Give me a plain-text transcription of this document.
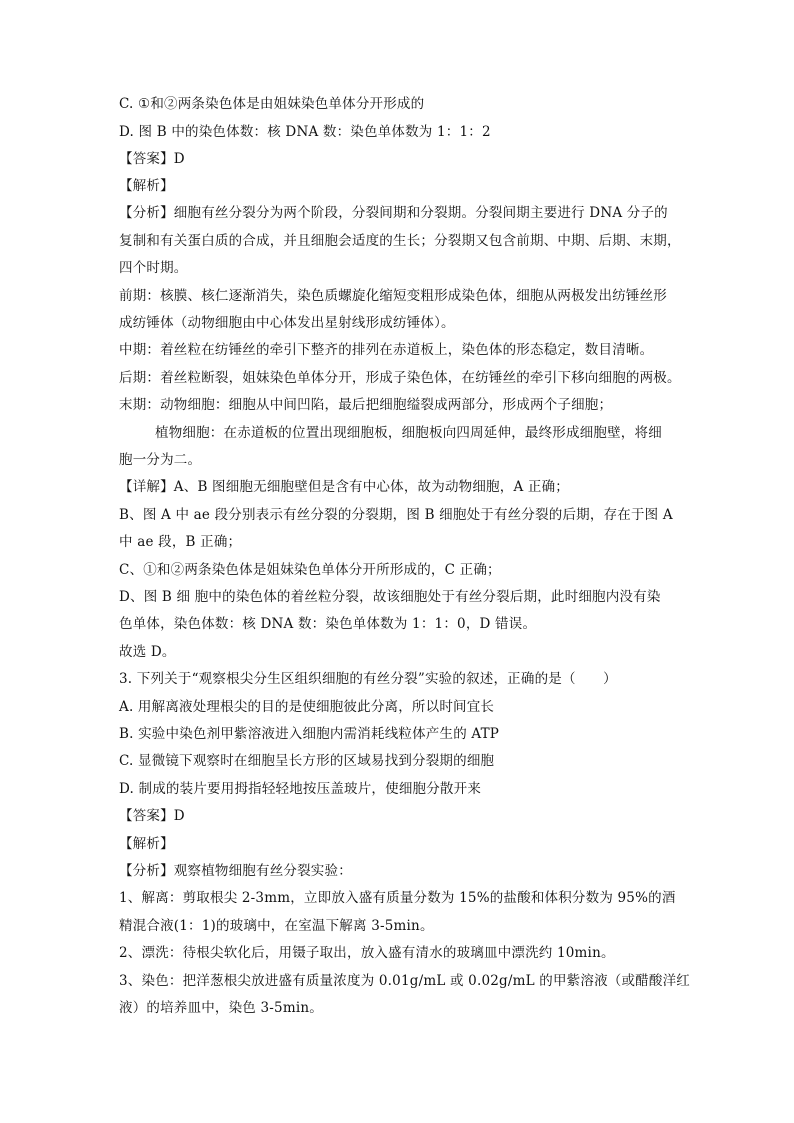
C. ①和②两条染色体是由姐妹染色单体分开形成的
D. 图 B 中的染色体数：核 DNA 数：染色单体数为 1：1：2
【答案】D
【解析】
【分析】细胞有丝分裂分为两个阶段，分裂间期和分裂期。分裂间期主要进行 DNA 分子的
复制和有关蛋白质的合成，并且细胞会适度的生长；分裂期又包含前期、中期、后期、末期，
四个时期。
前期：核膜、核仁逐渐消失，染色质螺旋化缩短变粗形成染色体，细胞从两极发出纺锤丝形
成纺锤体（动物细胞由中心体发出星射线形成纺锤体）。
中期：着丝粒在纺锤丝的牵引下整齐的排列在赤道板上，染色体的形态稳定，数目清晰。
后期：着丝粒断裂，姐妹染色单体分开，形成子染色体，在纺锤丝的牵引下移向细胞的两极。
末期：动物细胞：细胞从中间凹陷，最后把细胞缢裂成两部分，形成两个子细胞；
植物细胞：在赤道板的位置出现细胞板，细胞板向四周延伸，最终形成细胞壁，将细
胞一分为二。
【详解】A、B 图细胞无细胞壁但是含有中心体，故为动物细胞，A 正确；
B、图 A 中 ae 段分别表示有丝分裂的分裂期，图 B 细胞处于有丝分裂的后期，存在于图 A
中 ae 段，B 正确；
C、①和②两条染色体是姐妹染色单体分开所形成的，C 正确；
D、图 B 细 胞中的染色体的着丝粒分裂，故该细胞处于有丝分裂后期，此时细胞内没有染
色单体，染色体数：核 DNA 数：染色单体数为 1：1：0，D 错误。
故选 D。
3. 下列关于“观察根尖分生区组织细胞的有丝分裂”实验的叙述，正确的是（　　）
A. 用解离液处理根尖的目的是使细胞彼此分离，所以时间宜长
B. 实验中染色剂甲紫溶液进入细胞内需消耗线粒体产生的 ATP
C. 显微镜下观察时在细胞呈长方形的区域易找到分裂期的细胞
D. 制成的装片要用拇指轻轻地按压盖玻片，使细胞分散开来
【答案】D
【解析】
【分析】观察植物细胞有丝分裂实验：
1、解离：剪取根尖 2-3mm，立即放入盛有质量分数为 15%的盐酸和体积分数为 95%的酒
精混合液(1：1)的玻璃中，在室温下解离 3-5min。
2、漂洗：待根尖软化后，用镊子取出，放入盛有清水的玻璃皿中漂洗约 10min。
3、染色：把洋葱根尖放进盛有质量浓度为 0.01g/mL 或 0.02g/mL 的甲紫溶液（或醋酸洋红
液）的培养皿中，染色 3-5min。
